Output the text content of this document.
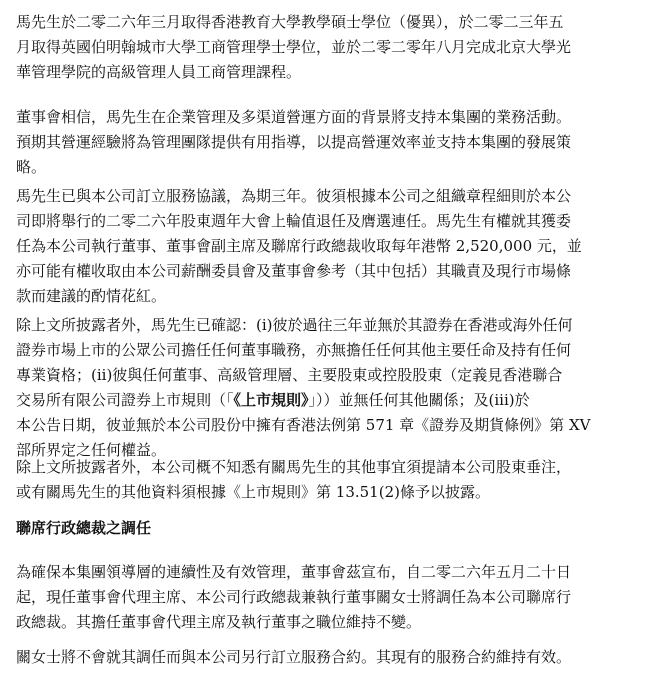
馬先生於二零二六年三月取得香港教育大學教學碩士學位（優異），於二零二三年五
月取得英國伯明翰城市大學工商管理學士學位，並於二零二零年八月完成北京大學光
華管理學院的高級管理人員工商管理課程。
董事會相信，馬先生在企業管理及多渠道營運方面的背景將支持本集團的業務活動。
預期其營運經驗將為管理團隊提供有用指導，以提高營運效率並支持本集團的發展策
略。
馬先生已與本公司訂立服務協議，為期三年。彼須根據本公司之組織章程細則於本公
司即將舉行的二零二六年股東週年大會上輪值退任及膺選連任。馬先生有權就其獲委
任為本公司執行董事、董事會副主席及聯席行政總裁收取每年港幣 2,520,000 元，並
亦可能有權收取由本公司薪酬委員會及董事會參考（其中包括）其職責及現行市場條
款而建議的酌情花紅。
除上文所披露者外，馬先生已確認：(i)彼於過往三年並無於其證券在香港或海外任何
證券市場上市的公眾公司擔任任何董事職務，亦無擔任任何其他主要任命及持有任何
專業資格；(ii)彼與任何董事、高級管理層、主要股東或控股股東（定義見香港聯合
交易所有限公司證券上市規則（「《上市規則》」））並無任何其他關係；及(iii)於
本公告日期，彼並無於本公司股份中擁有香港法例第 571 章《證券及期貨條例》第 XV
部所界定之任何權益。
除上文所披露者外，本公司概不知悉有關馬先生的其他事宜須提請本公司股東垂注，
或有關馬先生的其他資料須根據《上市規則》第 13.51(2)條予以披露。
聯席行政總裁之調任
為確保本集團領導層的連續性及有效管理，董事會茲宣布，自二零二六年五月二十日
起，現任董事會代理主席、本公司行政總裁兼執行董事關女士將調任為本公司聯席行
政總裁。其擔任董事會代理主席及執行董事之職位維持不變。
關女士將不會就其調任而與本公司另行訂立服務合約。其現有的服務合約維持有效。
